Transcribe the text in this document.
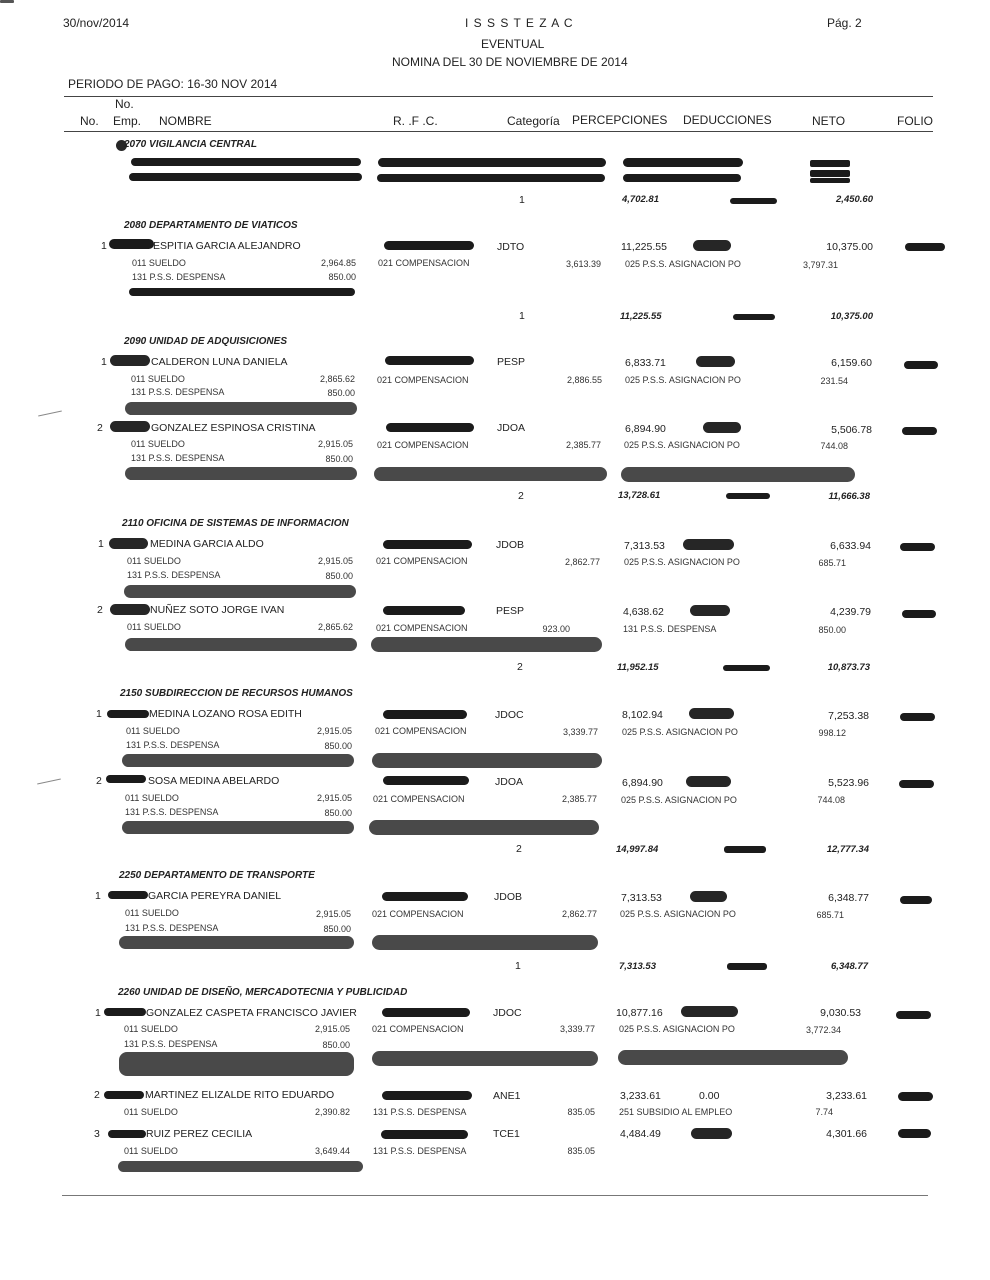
30/nov/2014	I S S S T E Z A C
EVENTUAL
NOMINA DEL 30 DE NOVIEMBRE DE 2014
Pág. 2
PERIODO DE PAGO: 16-30 NOV 2014
No.
No. Emp. NOMBRE	R. .F .C.	Categoría PERCEPCIONES DEDUCCIONES	NETO	FOLIO
2070 VIGILANCIA CENTRAL
1	4,702.81	2,450.60
2080 DEPARTAMENTO DE VIATICOS
1	ESPITIA GARCIA ALEJANDRO	JDTO	11,225.55	10,375.00
011 SUELDO	2,964.85
131 P.S.S. DESPENSA	850.00
021 COMPENSACION	3,613.39	025 P.S.S. ASIGNACION PO	3,797.31
1	11,225.55	10,375.00
2090 UNIDAD DE ADQUISICIONES
1	CALDERON LUNA DANIELA	PESP	6,833.71	6,159.60
011 SUELDO	2,865.62
131 P.S.S. DESPENSA	850.00
021 COMPENSACION	2,886.55	025 P.S.S. ASIGNACION PO	231.54
2	GONZALEZ ESPINOSA CRISTINA	JDOA	6,894.90	5,506.78
011 SUELDO	2,915.05
131 P.S.S. DESPENSA	850.00
021 COMPENSACION	2,385.77	025 P.S.S. ASIGNACION PO	744.08
2	13,728.61	11,666.38
2110 OFICINA DE SISTEMAS DE INFORMACION
1	MEDINA GARCIA ALDO	JDOB	7,313.53	6,633.94
011 SUELDO	2,915.05
131 P.S.S. DESPENSA	850.00
021 COMPENSACION	2,862.77	025 P.S.S. ASIGNACION PO	685.71
2	NUÑEZ SOTO JORGE IVAN	PESP	4,638.62	4,239.79
011 SUELDO	2,865.62	021 COMPENSACION	923.00	131 P.S.S. DESPENSA	850.00
2	11,952.15	10,873.73
2150 SUBDIRECCION DE RECURSOS HUMANOS
1	MEDINA LOZANO ROSA EDITH	JDOC	8,102.94	7,253.38
011 SUELDO	2,915.05
131 P.S.S. DESPENSA	850.00
021 COMPENSACION	3,339.77	025 P.S.S. ASIGNACION PO	998.12
2	SOSA MEDINA ABELARDO	JDOA	6,894.90	5,523.96
011 SUELDO	2,915.05
131 P.S.S. DESPENSA	850.00
021 COMPENSACION	2,385.77	025 P.S.S. ASIGNACION PO	744.08
2	14,997.84	12,777.34
2250 DEPARTAMENTO DE TRANSPORTE
1	GARCIA PEREYRA DANIEL	JDOB	7,313.53	6,348.77
011 SUELDO	2,915.05
131 P.S.S. DESPENSA	850.00
021 COMPENSACION	2,862.77	025 P.S.S. ASIGNACION PO	685.71
1	7,313.53	6,348.77
2260 UNIDAD DE DISEÑO, MERCADOTECNIA Y PUBLICIDAD
1	GONZALEZ CASPETA FRANCISCO JAVIER	JDOC	10,877.16	9,030.53
011 SUELDO	2,915.05
131 P.S.S. DESPENSA	850.00
021 COMPENSACION	3,339.77	025 P.S.S. ASIGNACION PO	3,772.34
2	MARTINEZ ELIZALDE RITO EDUARDO	ANE1	3,233.61	0.00	3,233.61
011 SUELDO	2,390.82	131 P.S.S. DESPENSA	835.05	251 SUBSIDIO AL EMPLEO	7.74
3	RUIZ PEREZ CECILIA	TCE1	4,484.49	4,301.66
011 SUELDO	3,649.44	131 P.S.S. DESPENSA	835.05
